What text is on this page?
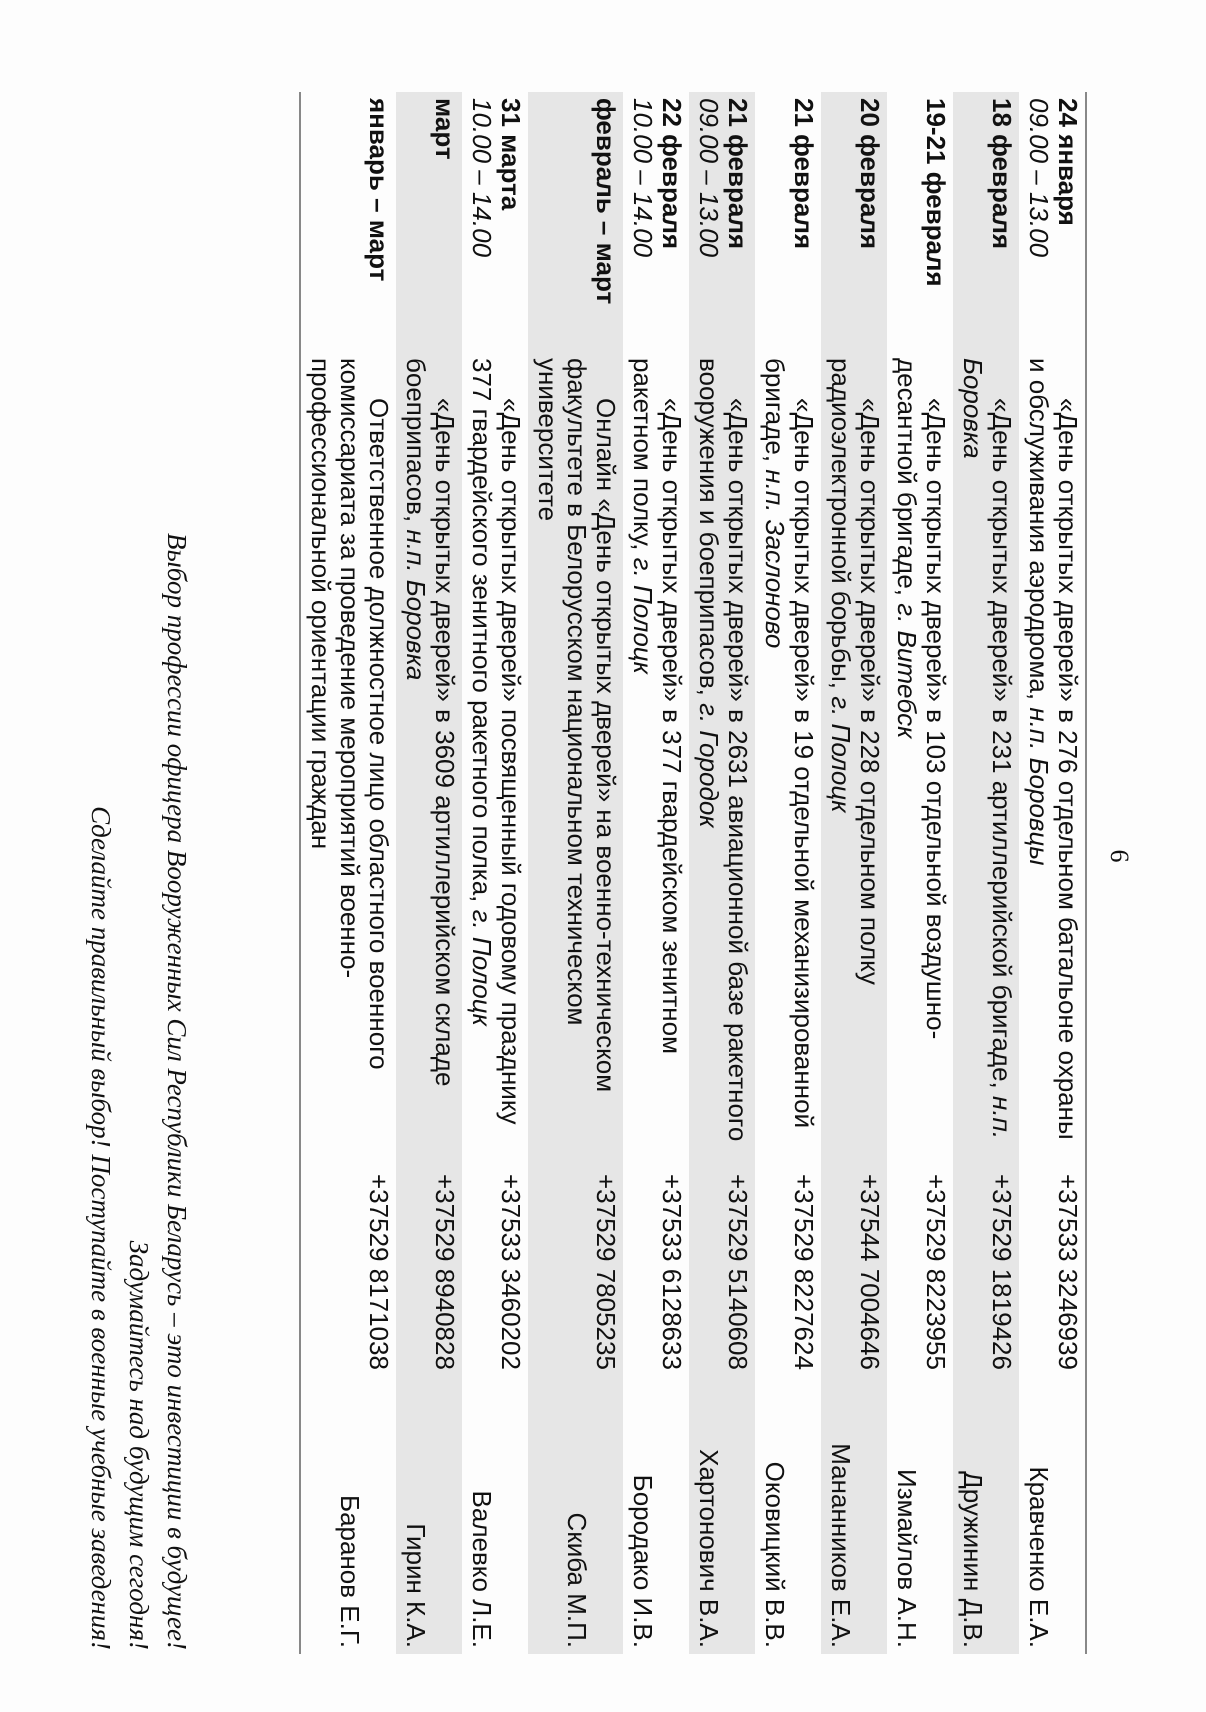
6
24 января
09.00 – 13.00
«День открытых дверей» в 276 отдельном батальоне охраны и обслуживания аэродрома, н.п. Боровцы
+37533 3246939
Кравченко Е.А.
18 февраля
«День открытых дверей» в 231 артиллерийской бригаде, н.п. Боровка
+37529 1819426
Дружинин Д.В.
19-21 февраля
«День открытых дверей» в 103 отдельной воздушно-десантной бригаде, г. Витебск
+37529 8223955
Измайлов А.Н.
20 февраля
«День открытых дверей» в 228 отдельном полку радиоэлектронной борьбы, г. Полоцк
+37544 7004646
Мананников Е.А.
21 февраля
«День открытых дверей» в 19 отдельной механизированной бригаде, н.п. Заслоново
+37529 8227624
Оковицкий В.В.
21 февраля
09.00 – 13.00
«День открытых дверей» в 2631 авиационной базе ракетного вооружения и боеприпасов, г. Городок
+37529 5140608
Хартонович В.А.
22 февраля
10.00 – 14.00
«День открытых дверей» в 377 гвардейском зенитном ракетном полку, г. Полоцк
+37533 6128633
Бородако И.В.
февраль – март
Онлайн «День открытых дверей» на военно-техническом факультете в Белорусском национальном техническом университете
+37529 7805235
Скиба М.П.
31 марта
10.00 – 14.00
«День открытых дверей» посвященный годовому празднику 377 гвардейского зенитного ракетного полка, г. Полоцк
+37533 3460202
Валевко Л.Е.
март
«День открытых дверей» в 3609 артиллерийском складе боеприпасов, н.п. Боровка
+37529 8940828
Гирин К.А.
январь – март
Ответственное должностное лицо областного военного комиссариата за проведение мероприятий военно-профессиональной ориентации граждан
+37529 8171038
Баранов Е.Г.
Выбор профессии офицера Вооруженных Сил Республики Беларусь – это инвестиции в будущее!
Задумайтесь над будущим сегодня!
Сделайте правильный выбор! Поступайте в военные учебные заведения!
